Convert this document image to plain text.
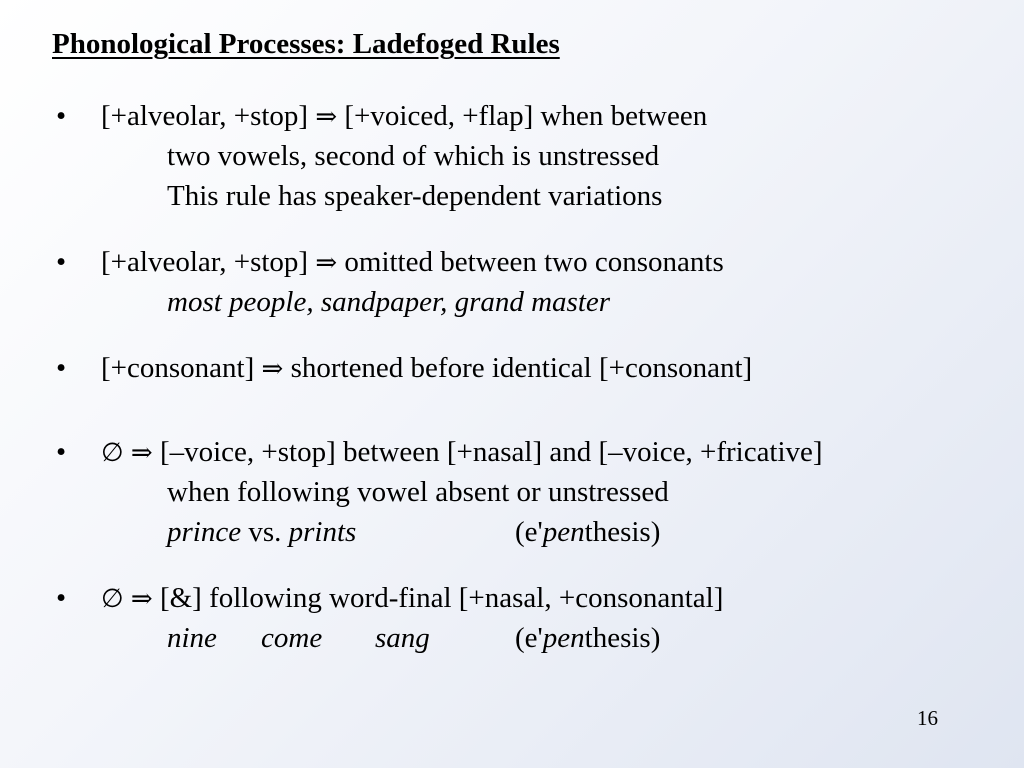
Phonological Processes: Ladefoged Rules
• [+alveolar, +stop] ⇒ [+voiced, +flap] when between
two vowels, second of which is unstressed
This rule has speaker-dependent variations
• [+alveolar, +stop] ⇒ omitted between two consonants
most people, sandpaper, grand master
• [+consonant] ⇒ shortened before identical [+consonant]
• ∅ ⇒ [–voice, +stop] between [+nasal] and [–voice, +fricative]
when following vowel absent or unstressed
prince vs. prints	(e'penthesis)
• ∅ ⇒ [&] following word-final [+nasal, +consonantal]
nine come sang	(e'penthesis)
16
